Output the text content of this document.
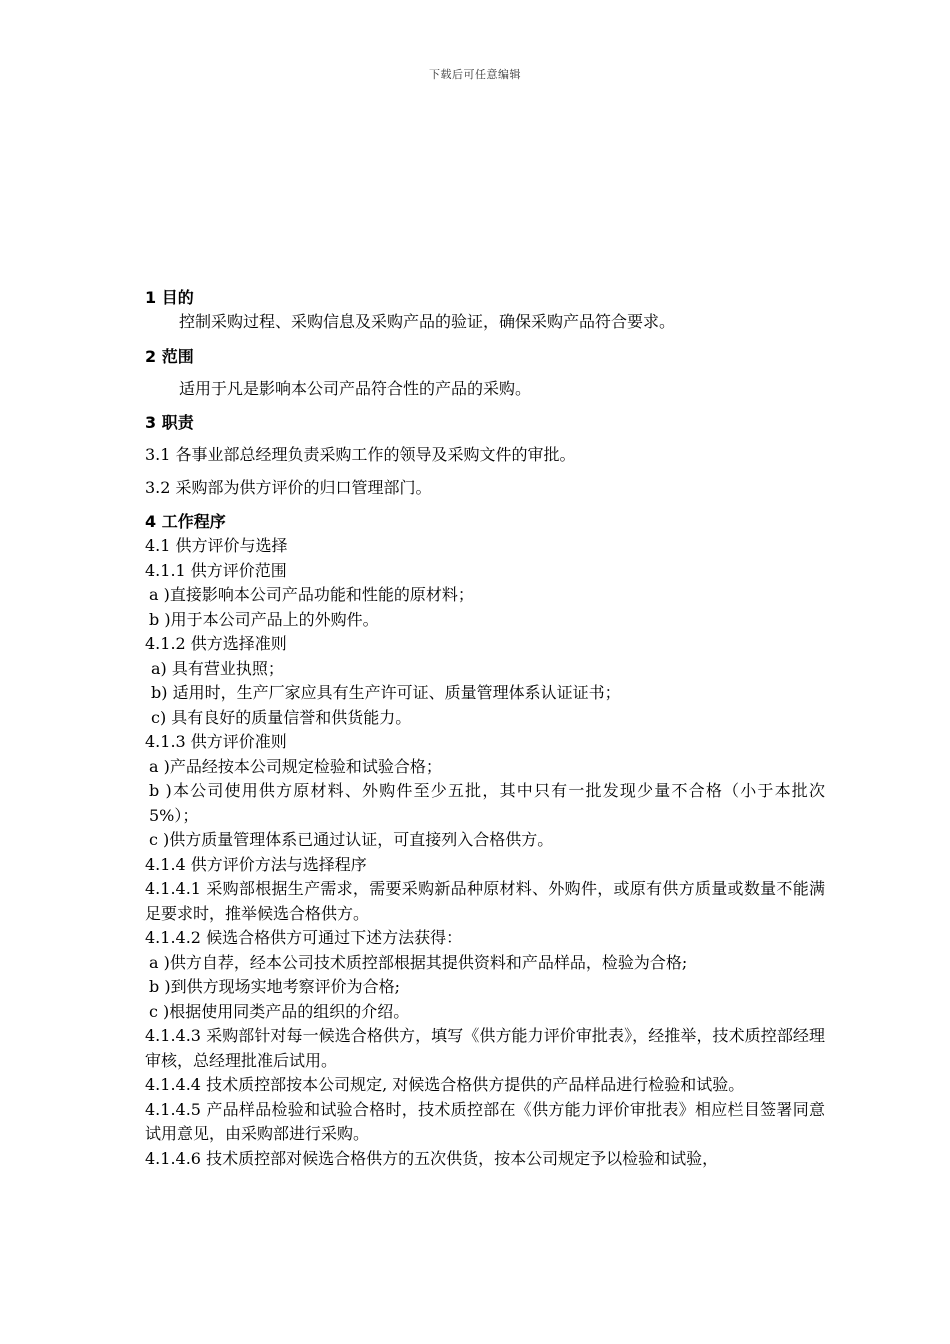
下载后可任意编辑
1 目的
控制采购过程、采购信息及采购产品的验证，确保采购产品符合要求。
2 范围
适用于凡是影响本公司产品符合性的产品的采购。
3 职责
3.1 各事业部总经理负责采购工作的领导及采购文件的审批。
3.2 采购部为供方评价的归口管理部门。
4 工作程序
4.1 供方评价与选择
4.1.1 供方评价范围
a )直接影响本公司产品功能和性能的原材料；
b )用于本公司产品上的外购件。
4.1.2 供方选择准则
a) 具有营业执照；
b) 适用时，生产厂家应具有生产许可证、质量管理体系认证证书；
c) 具有良好的质量信誉和供货能力。
4.1.3 供方评价准则
a )产品经按本公司规定检验和试验合格；
b )本公司使用供方原材料、外购件至少五批，其中只有一批发现少量不合格（小于本批次 5%）；
c )供方质量管理体系已通过认证，可直接列入合格供方。
4.1.4 供方评价方法与选择程序
4.1.4.1 采购部根据生产需求，需要采购新品种原材料、外购件，或原有供方质量或数量不能满足要求时，推举候选合格供方。
4.1.4.2 候选合格供方可通过下述方法获得：
a )供方自荐，经本公司技术质控部根据其提供资料和产品样品，检验为合格;
b )到供方现场实地考察评价为合格;
c )根据使用同类产品的组织的介绍。
4.1.4.3 采购部针对每一候选合格供方，填写《供方能力评价审批表》，经推举，技术质控部经理审核，总经理批准后试用。
4.1.4.4 技术质控部按本公司规定, 对候选合格供方提供的产品样品进行检验和试验。
4.1.4.5 产品样品检验和试验合格时，技术质控部在《供方能力评价审批表》相应栏目签署同意试用意见，由采购部进行采购。
4.1.4.6 技术质控部对候选合格供方的五次供货，按本公司规定予以检验和试验，
